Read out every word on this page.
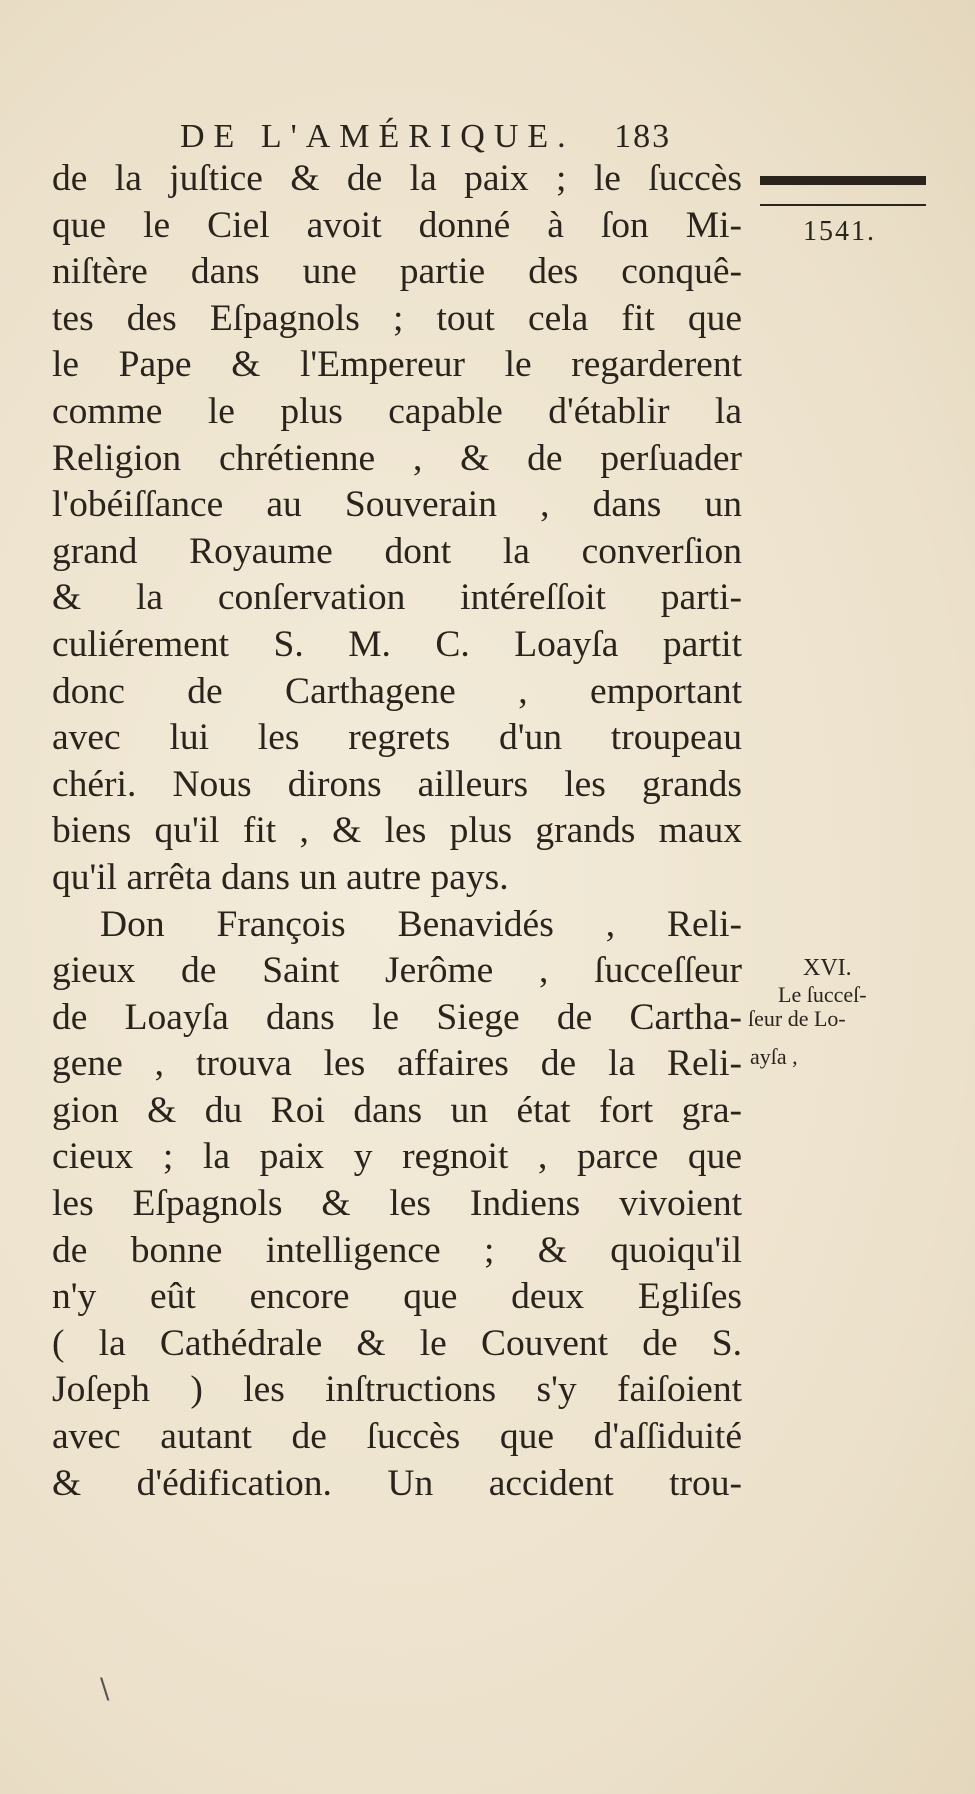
DE L'AMÉRIQUE. 183
1541.
XVI.
Le ſucceſ-
ſeur de Lo-
ayſa ,
de la juſtice & de la paix ; le ſuccès
que le Ciel avoit donné à ſon Mi-
niſtère dans une partie des conquê-
tes des Eſpagnols ; tout cela fit que
le Pape & l'Empereur le regarderent
comme le plus capable d'établir la
Religion chrétienne , & de perſuader
l'obéiſſance au Souverain , dans un
grand Royaume dont la converſion
& la conſervation intéreſſoit parti-
culiérement S. M. C. Loayſa partit
donc de Carthagene , emportant
avec lui les regrets d'un troupeau
chéri. Nous dirons ailleurs les grands
biens qu'il fit , & les plus grands maux
qu'il arrêta dans un autre pays.
Don François Benavidés , Reli-
gieux de Saint Jerôme , ſucceſſeur
de Loayſa dans le Siege de Cartha-
gene , trouva les affaires de la Reli-
gion & du Roi dans un état fort gra-
cieux ; la paix y regnoit , parce que
les Eſpagnols & les Indiens vivoient
de bonne intelligence ; & quoiqu'il
n'y eût encore que deux Egliſes
( la Cathédrale & le Couvent de S.
Joſeph ) les inſtructions s'y faiſoient
avec autant de ſuccès que d'aſſiduité
& d'édification. Un accident trou-
\
